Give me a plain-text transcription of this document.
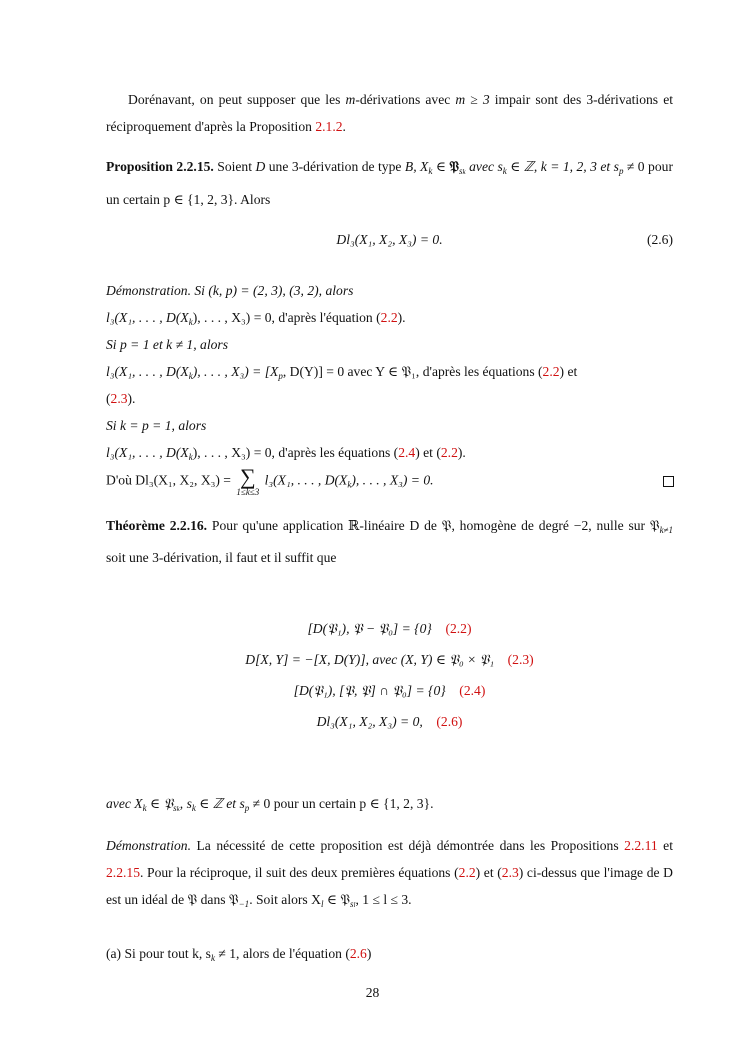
Dorénavant, on peut supposer que les m-dérivations avec m ≥ 3 impair sont des 3-dérivations et réciproquement d'après la Proposition 2.1.2.
Proposition 2.2.15. Soient D une 3-dérivation de type B, $X_k$ ∈ 𝔓$_{sk}$ avec $s_k$ ∈ ℤ, k = 1, 2, 3 et $s_p \ne 0$ pour un certain p ∈ {1, 2, 3}. Alors
Dl₃(X₁, X₂, X₃) = 0.	(2.6)
Démonstration. Si (k, p) = (2, 3), (3, 2), alors
l₃(X₁, . . . , $D(X_k)$, . . . , X₃) = 0, d'après l'équation (2.2).
Si p = 1 et k ≠ 1, alors
l₃(X₁, . . . , $D(X_k)$, . . . , $X_3) = [X_p$, D(Y)] = 0 avec Y ∈ 𝔓₁, d'après les équations (2.2) et
(2.3).
Si k = p = 1, alors
l₃(X₁, . . . , $D(X_k)$, . . . , X₃) = 0, d'après les équations (2.4) et (2.2).
D'où Dl₃(X₁, X₂, X₃) = ∑
1≤k≤3
l₃(X₁, . . . , $D(X_k)$, . . . , X₃) = 0.
Théorème 2.2.16. Pour qu'une application ℝ-linéaire D de 𝔓, homogène de degré −2, nulle sur 𝔓$_{k\ne 1}$ soit une 3-dérivation, il faut et il suffit que
[D(𝔓₁), 𝔓 − 𝔓₀] = {0} (2.2)
D[X, Y] = −[X, D(Y)], avec (X, Y) ∈ 𝔓₀ × 𝔓₁ (2.3)
[D(𝔓₁), [𝔓, 𝔓] ∩ 𝔓₀] = {0} (2.4)
Dl₃(X₁, X₂, X₃) = 0, (2.6)
avec $X_k$ ∈ 𝔓$_{sk}$, $s_k$ ∈ ℤ et $s_p \ne 0$ pour un certain p ∈ {1, 2, 3}.
Démonstration. La nécessité de cette proposition est déjà démontrée dans les Propositions 2.2.11 et 2.2.15. Pour la réciproque, il suit des deux premières équations (2.2) et (2.3) ci-dessus que l'image de D est un idéal de 𝔓 dans 𝔓$_{-1}$. Soit alors $X_l$ ∈ 𝔓$_{sl}$, 1 ≤ l ≤ 3.
(a) Si pour tout k, $s_k \ne 1$, alors de l'équation (2.6)
28
